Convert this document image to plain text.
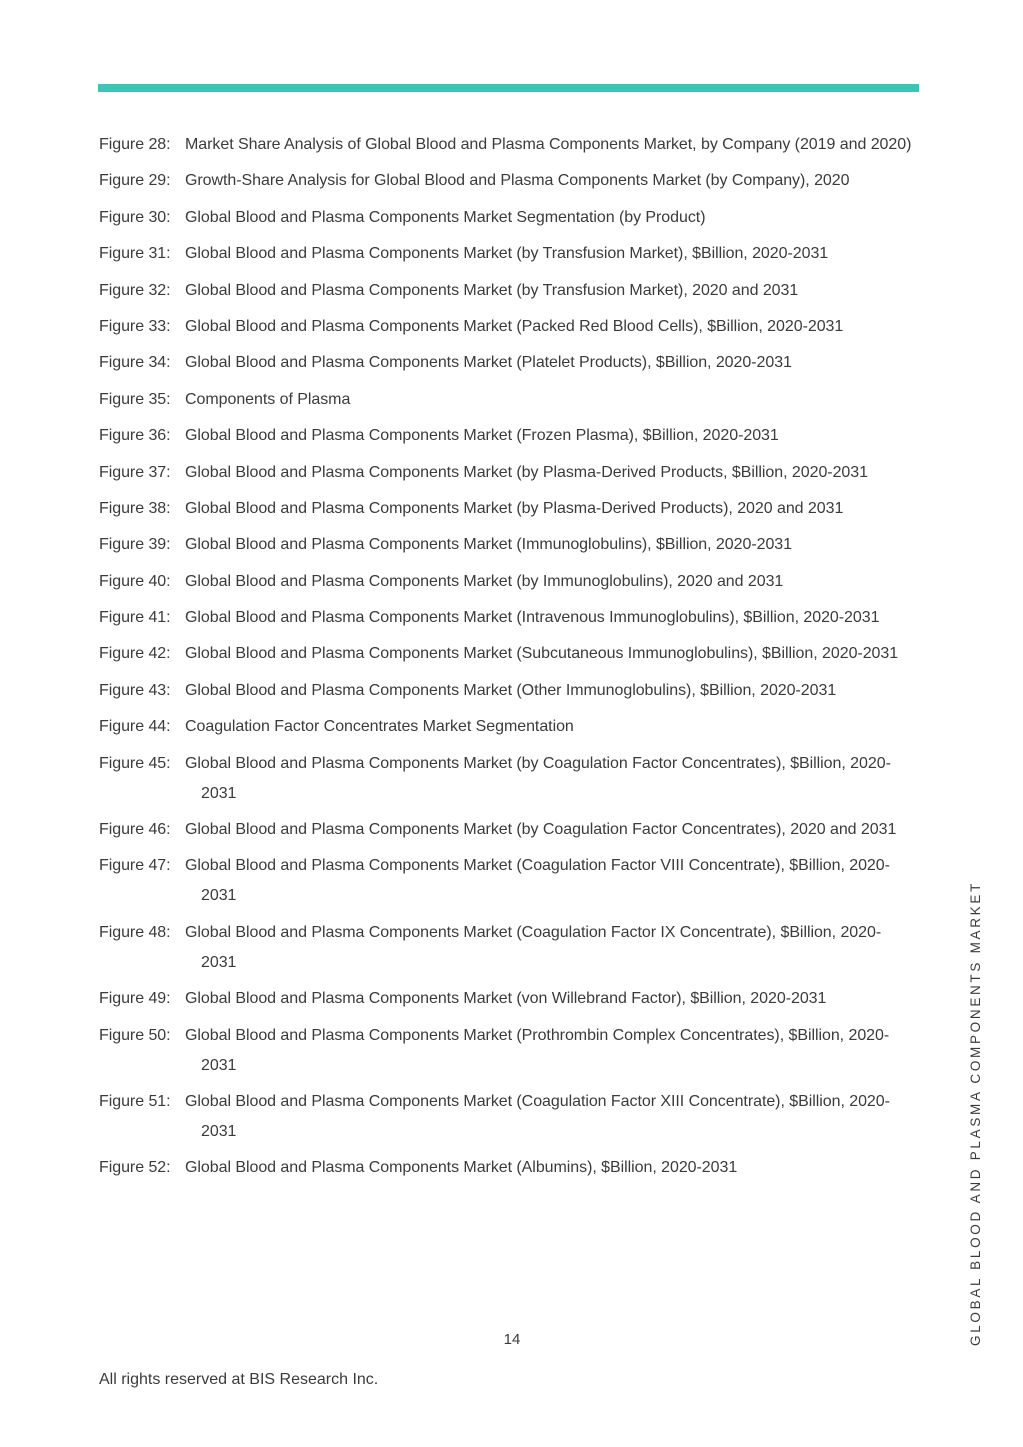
Figure 28: Market Share Analysis of Global Blood and Plasma Components Market, by Company (2019 and 2020)
Figure 29: Growth-Share Analysis for Global Blood and Plasma Components Market (by Company), 2020
Figure 30: Global Blood and Plasma Components Market Segmentation (by Product)
Figure 31: Global Blood and Plasma Components Market (by Transfusion Market), $Billion, 2020-2031
Figure 32: Global Blood and Plasma Components Market (by Transfusion Market), 2020 and 2031
Figure 33: Global Blood and Plasma Components Market (Packed Red Blood Cells), $Billion, 2020-2031
Figure 34: Global Blood and Plasma Components Market (Platelet Products), $Billion, 2020-2031
Figure 35: Components of Plasma
Figure 36: Global Blood and Plasma Components Market (Frozen Plasma), $Billion, 2020-2031
Figure 37: Global Blood and Plasma Components Market (by Plasma-Derived Products, $Billion, 2020-2031
Figure 38: Global Blood and Plasma Components Market (by Plasma-Derived Products), 2020 and 2031
Figure 39: Global Blood and Plasma Components Market (Immunoglobulins), $Billion, 2020-2031
Figure 40: Global Blood and Plasma Components Market (by Immunoglobulins), 2020 and 2031
Figure 41: Global Blood and Plasma Components Market (Intravenous Immunoglobulins), $Billion, 2020-2031
Figure 42: Global Blood and Plasma Components Market (Subcutaneous Immunoglobulins), $Billion, 2020-2031
Figure 43: Global Blood and Plasma Components Market (Other Immunoglobulins), $Billion, 2020-2031
Figure 44: Coagulation Factor Concentrates Market Segmentation
Figure 45: Global Blood and Plasma Components Market (by Coagulation Factor Concentrates), $Billion, 2020-2031
Figure 46: Global Blood and Plasma Components Market (by Coagulation Factor Concentrates), 2020 and 2031
Figure 47: Global Blood and Plasma Components Market (Coagulation Factor VIII Concentrate), $Billion, 2020-2031
Figure 48: Global Blood and Plasma Components Market (Coagulation Factor IX Concentrate), $Billion, 2020-2031
Figure 49: Global Blood and Plasma Components Market (von Willebrand Factor), $Billion, 2020-2031
Figure 50: Global Blood and Plasma Components Market (Prothrombin Complex Concentrates), $Billion, 2020-2031
Figure 51: Global Blood and Plasma Components Market (Coagulation Factor XIII Concentrate), $Billion, 2020-2031
Figure 52: Global Blood and Plasma Components Market (Albumins), $Billion, 2020-2031
14
All rights reserved at BIS Research Inc.
GLOBAL BLOOD AND PLASMA COMPONENTS MARKET
